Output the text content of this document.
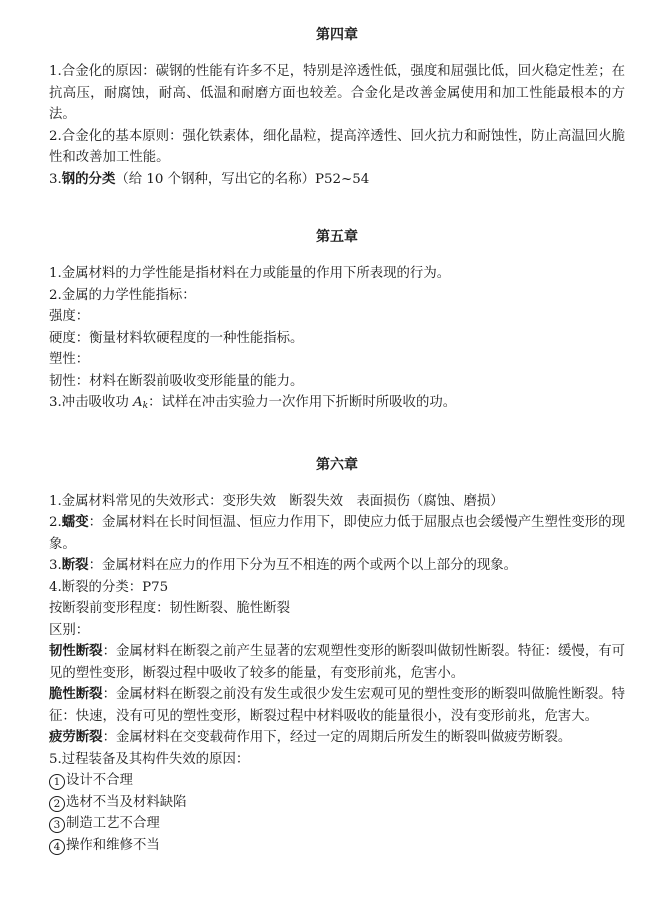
第四章

1.合金化的原因：碳钢的性能有许多不足，特别是淬透性低，强度和屈强比低，回火稳定性差；在抗高压，耐腐蚀，耐高、低温和耐磨方面也较差。合金化是改善金属使用和加工性能最根本的方法。

2.合金化的基本原则：强化铁素体，细化晶粒，提高淬透性、回火抗力和耐蚀性，防止高温回火脆性和改善加工性能。

3.钢的分类（给 10 个钢种，写出它的名称）P52~54

第五章

1.金属材料的力学性能是指材料在力或能量的作用下所表现的行为。

2.金属的力学性能指标：

强度：

硬度：衡量材料软硬程度的一种性能指标。

塑性：

韧性：材料在断裂前吸收变形能量的能力。

3.冲击吸收功 $A_k$：试样在冲击实验力一次作用下折断时所吸收的功。

第六章

1.金属材料常见的失效形式：变形失效　断裂失效　表面损伤（腐蚀、磨损）

2.蠕变：金属材料在长时间恒温、恒应力作用下，即使应力低于屈服点也会缓慢产生塑性变形的现象。

3.断裂：金属材料在应力的作用下分为互不相连的两个或两个以上部分的现象。

4.断裂的分类：P75

按断裂前变形程度：韧性断裂、脆性断裂

区别：

韧性断裂：金属材料在断裂之前产生显著的宏观塑性变形的断裂叫做韧性断裂。特征：缓慢，有可见的塑性变形，断裂过程中吸收了较多的能量，有变形前兆，危害小。

脆性断裂：金属材料在断裂之前没有发生或很少发生宏观可见的塑性变形的断裂叫做脆性断裂。特征：快速，没有可见的塑性变形，断裂过程中材料吸收的能量很小，没有变形前兆，危害大。

疲劳断裂：金属材料在交变载荷作用下，经过一定的周期后所发生的断裂叫做疲劳断裂。

5.过程装备及其构件失效的原因：

1 设计不合理

2 选材不当及材料缺陷

3 制造工艺不合理

4 操作和维修不当
